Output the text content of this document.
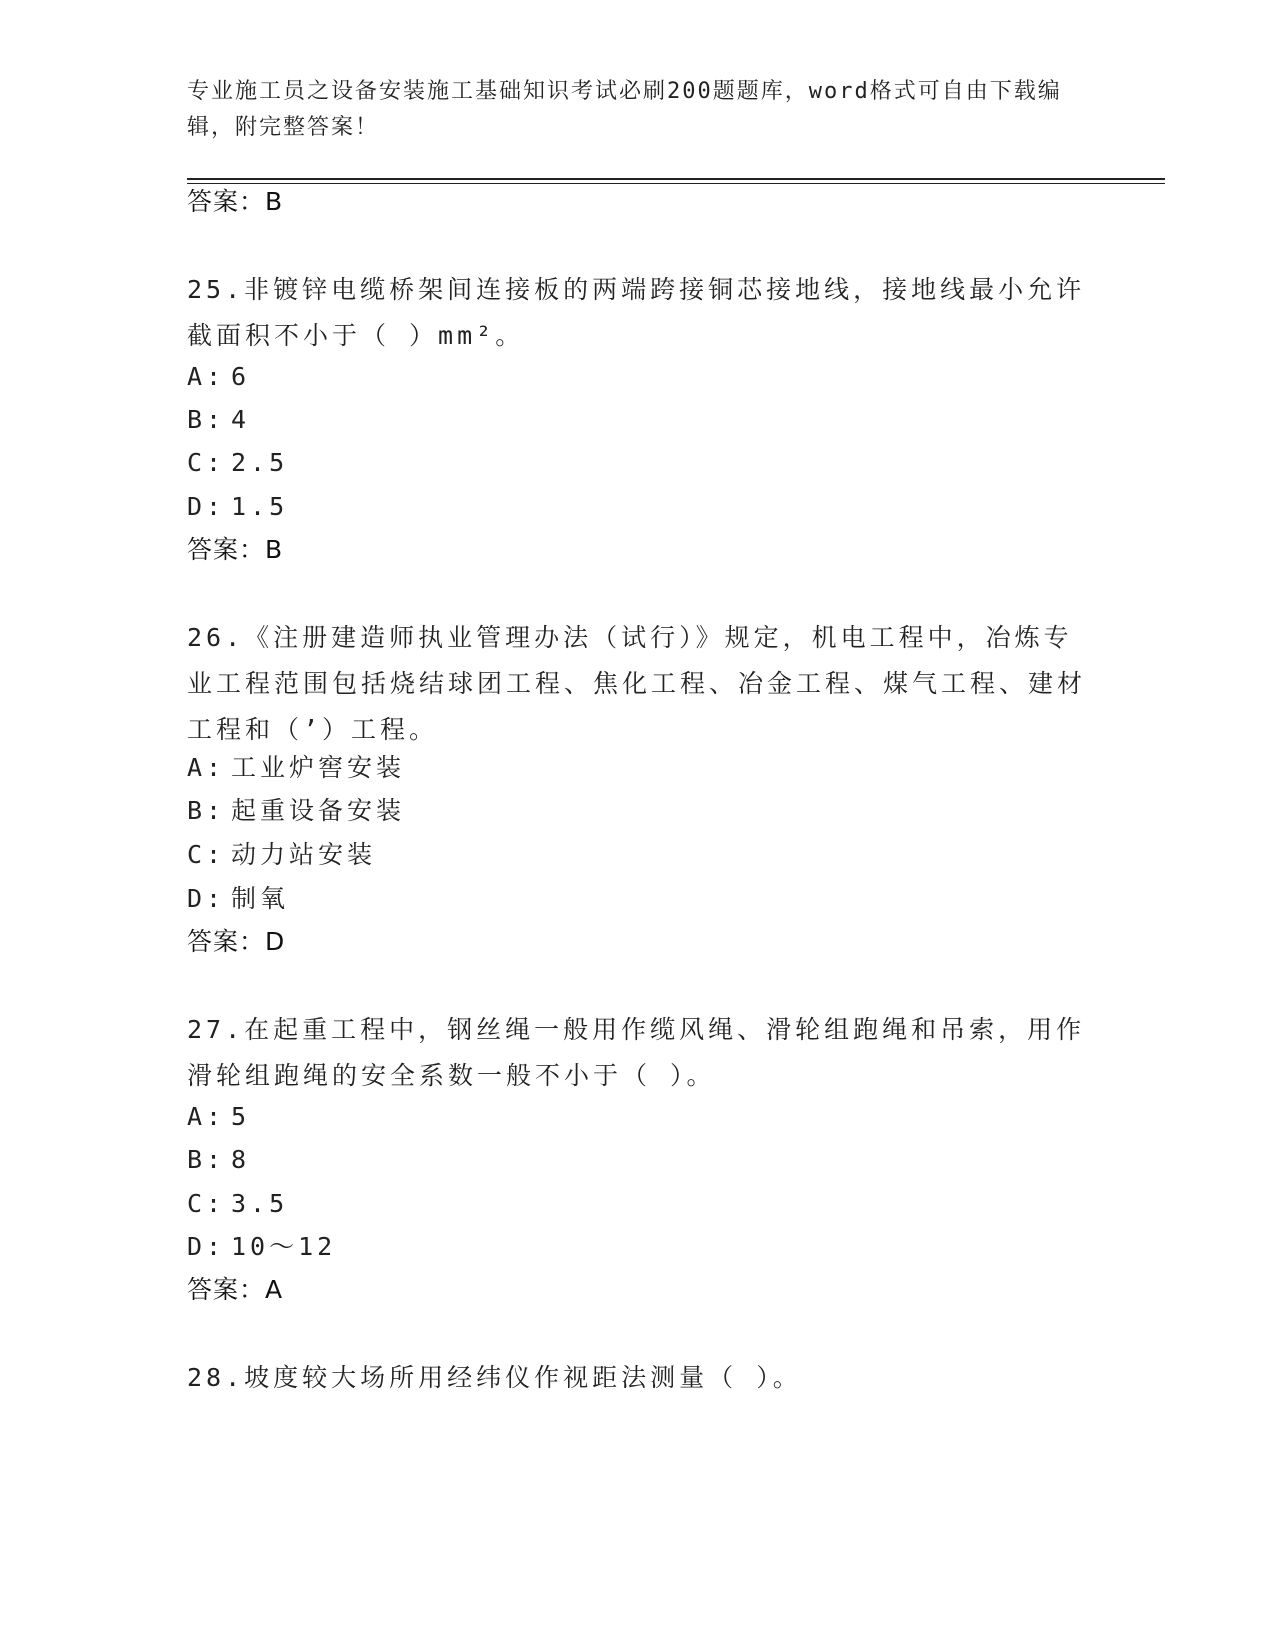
专业施工员之设备安装施工基础知识考试必刷200题题库，word格式可自由下载编辑，附完整答案！
答案：B
25.非镀锌电缆桥架间连接板的两端跨接铜芯接地线，接地线最小允许截面积不小于（ ）mm²。
A: 6
B: 4
C: 2.5
D: 1.5
答案：B
26.《注册建造师执业管理办法（试行）》规定，机电工程中，冶炼专业工程范围包括烧结球团工程、焦化工程、冶金工程、煤气工程、建材工程和（’）工程。
A: 工业炉窖安装
B: 起重设备安装
C: 动力站安装
D: 制氧
答案：D
27.在起重工程中，钢丝绳一般用作缆风绳、滑轮组跑绳和吊索，用作滑轮组跑绳的安全系数一般不小于（ ）。
A: 5
B: 8
C: 3.5
D: 10～12
答案：A
28.坡度较大场所用经纬仪作视距法测量（ ）。
